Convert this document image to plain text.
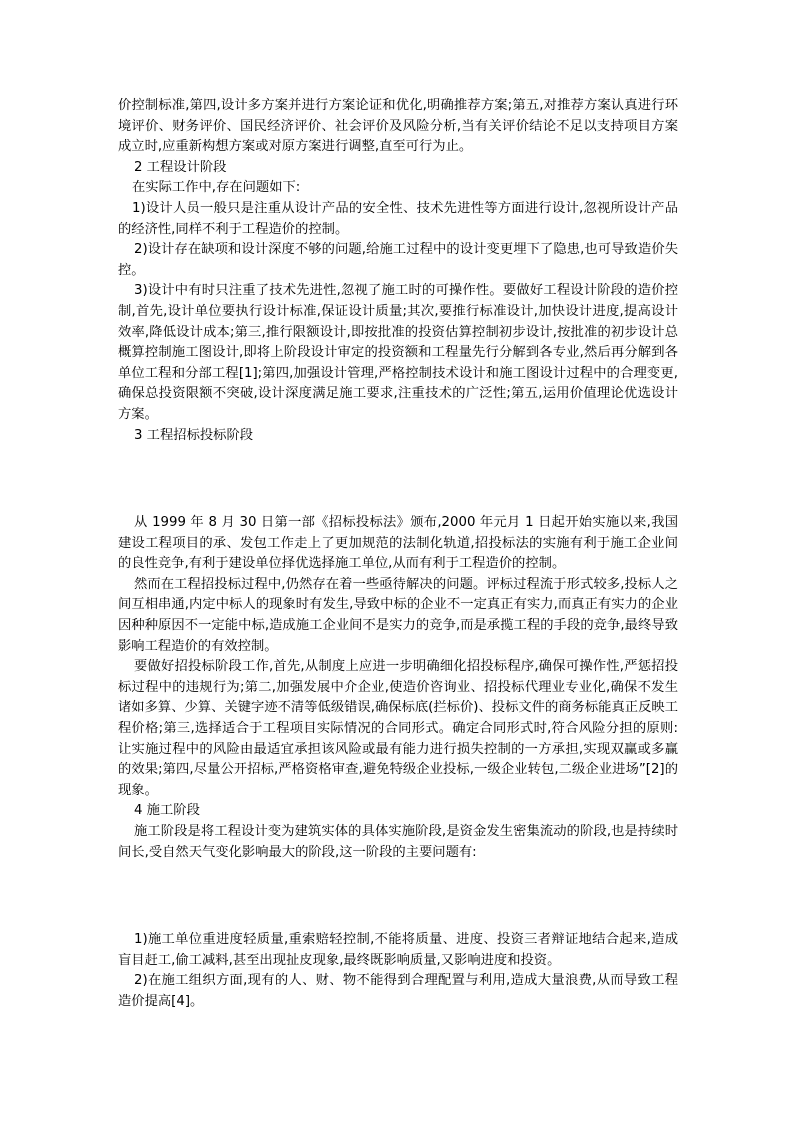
价控制标准,第四,设计多方案并进行方案论证和优化,明确推荐方案;第五,对推荐方案认真进行环境评价、财务评价、国民经济评价、社会评价及风险分析,当有关评价结论不足以支持项目方案成立时,应重新构想方案或对原方案进行调整,直至可行为止。

2 工程设计阶段

在实际工作中,存在问题如下:

1)设计人员一般只是注重从设计产品的安全性、技术先进性等方面进行设计,忽视所设计产品的经济性,同样不利于工程造价的控制。

2)设计存在缺项和设计深度不够的问题,给施工过程中的设计变更埋下了隐患,也可导致造价失控。

3)设计中有时只注重了技术先进性,忽视了施工时的可操作性。要做好工程设计阶段的造价控制,首先,设计单位要执行设计标准,保证设计质量;其次,要推行标准设计,加快设计进度,提高设计效率,降低设计成本;第三,推行限额设计,即按批准的投资估算控制初步设计,按批准的初步设计总概算控制施工图设计,即将上阶段设计审定的投资额和工程量先行分解到各专业,然后再分解到各单位工程和分部工程[1];第四,加强设计管理,严格控制技术设计和施工图设计过程中的合理变更,确保总投资限额不突破,设计深度满足施工要求,注重技术的广泛性;第五,运用价值理论优选设计方案。

3 工程招标投标阶段

从 1999 年 8 月 30 日第一部《招标投标法》颁布,2000 年元月 1 日起开始实施以来,我国建设工程项目的承、发包工作走上了更加规范的法制化轨道,招投标法的实施有利于施工企业间的良性竞争,有利于建设单位择优选择施工单位,从而有利于工程造价的控制。

然而在工程招投标过程中,仍然存在着一些亟待解决的问题。评标过程流于形式较多,投标人之间互相串通,内定中标人的现象时有发生,导致中标的企业不一定真正有实力,而真正有实力的企业因种种原因不一定能中标,造成施工企业间不是实力的竞争,而是承揽工程的手段的竞争,最终导致影响工程造价的有效控制。

要做好招投标阶段工作,首先,从制度上应进一步明确细化招投标程序,确保可操作性,严惩招投标过程中的违规行为;第二,加强发展中介企业,使造价咨询业、招投标代理业专业化,确保不发生诸如多算、少算、关键字迹不清等低级错误,确保标底(拦标价)、投标文件的商务标能真正反映工程价格;第三,选择适合于工程项目实际情况的合同形式。确定合同形式时,符合风险分担的原则:让实施过程中的风险由最适宜承担该风险或最有能力进行损失控制的一方承担,实现双赢或多赢的效果;第四,尽量公开招标,严格资格审查,避免特级企业投标,一级企业转包,二级企业进场”[2]的现象。

4 施工阶段

施工阶段是将工程设计变为建筑实体的具体实施阶段,是资金发生密集流动的阶段,也是持续时间长,受自然天气变化影响最大的阶段,这一阶段的主要问题有:

1)施工单位重进度轻质量,重索赔轻控制,不能将质量、进度、投资三者辩证地结合起来,造成盲目赶工,偷工减料,甚至出现扯皮现象,最终既影响质量,又影响进度和投资。

2)在施工组织方面,现有的人、财、物不能得到合理配置与利用,造成大量浪费,从而导致工程造价提高[4]。
